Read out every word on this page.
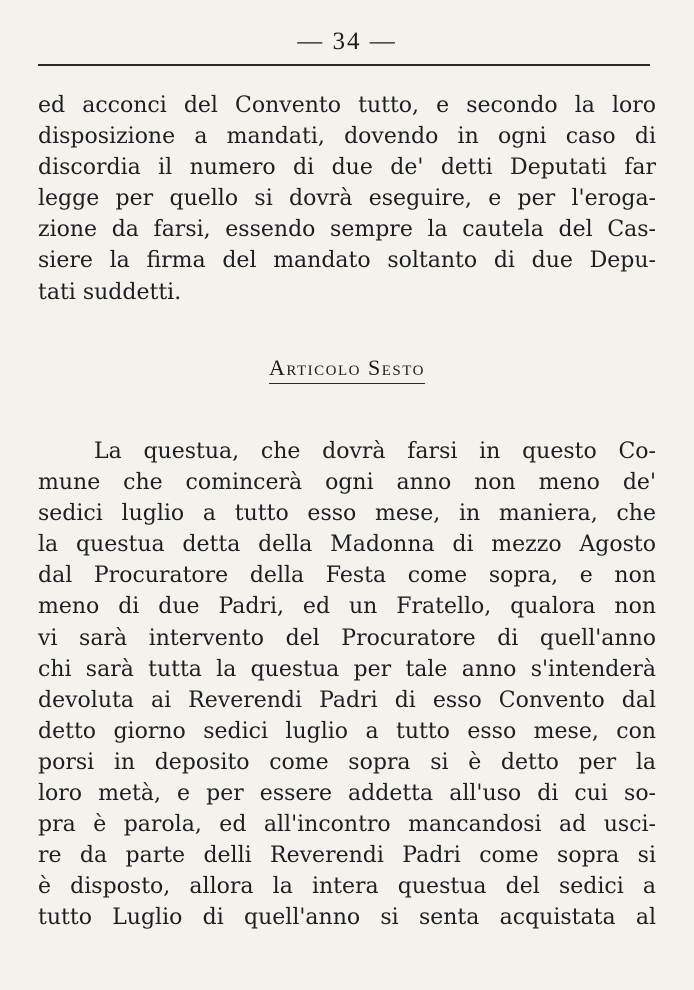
— 34 —
ed acconci del Convento tutto, e secondo la loro
disposizione a mandati, dovendo in ogni caso di
discordia il numero di due de' detti Deputati far
legge per quello si dovrà eseguire, e per l'eroga-
zione da farsi, essendo sempre la cautela del Cas-
siere la firma del mandato soltanto di due Depu-
tati suddetti.
Articolo Sesto
La questua, che dovrà farsi in questo Co-
mune che comincerà ogni anno non meno de'
sedici luglio a tutto esso mese, in maniera, che
la questua detta della Madonna di mezzo Agosto
dal Procuratore della Festa come sopra, e non
meno di due Padri, ed un Fratello, qualora non
vi sarà intervento del Procuratore di quell'anno
chi sarà tutta la questua per tale anno s'intenderà
devoluta ai Reverendi Padri di esso Convento dal
detto giorno sedici luglio a tutto esso mese, con
porsi in deposito come sopra si è detto per la
loro metà, e per essere addetta all'uso di cui so-
pra è parola, ed all'incontro mancandosi ad usci-
re da parte delli Reverendi Padri come sopra si
è disposto, allora la intera questua del sedici a
tutto Luglio di quell'anno si senta acquistata al
